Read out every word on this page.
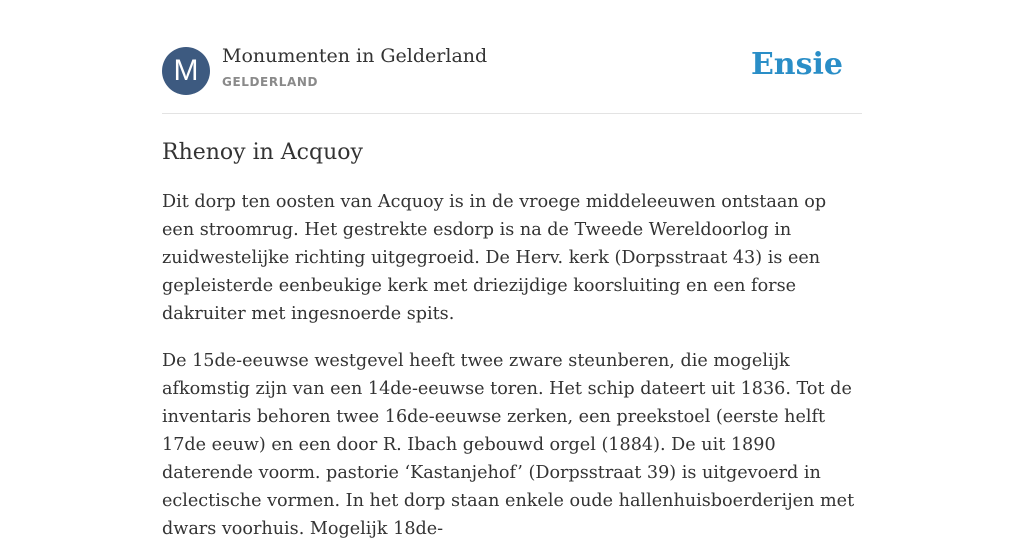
M	Monumenten in Gelderland
GELDERLAND	Ensie
Rhenoy in Acquoy

Dit dorp ten oosten van Acquoy is in de vroege middeleeuwen ontstaan op een stroomrug. Het gestrekte esdorp is na de Tweede Wereldoorlog in zuidwestelijke richting uitgegroeid. De Herv. kerk (Dorpsstraat 43) is een gepleisterde eenbeukige kerk met driezijdige koorsluiting en een forse dakruiter met ingesnoerde spits.

De 15de-eeuwse westgevel heeft twee zware steunberen, die mogelijk afkomstig zijn van een 14de-eeuwse toren. Het schip dateert uit 1836. Tot de inventaris behoren twee 16de-eeuwse zerken, een preekstoel (eerste helft 17de eeuw) en een door R. Ibach gebouwd orgel (1884). De uit 1890 daterende voorm. pastorie ‘Kastanjehof’ (Dorpsstraat 39) is uitgevoerd in eclectische vormen. In het dorp staan enkele oude hallenhuisboerderijen met dwars voorhuis. Mogelijk 18de-
